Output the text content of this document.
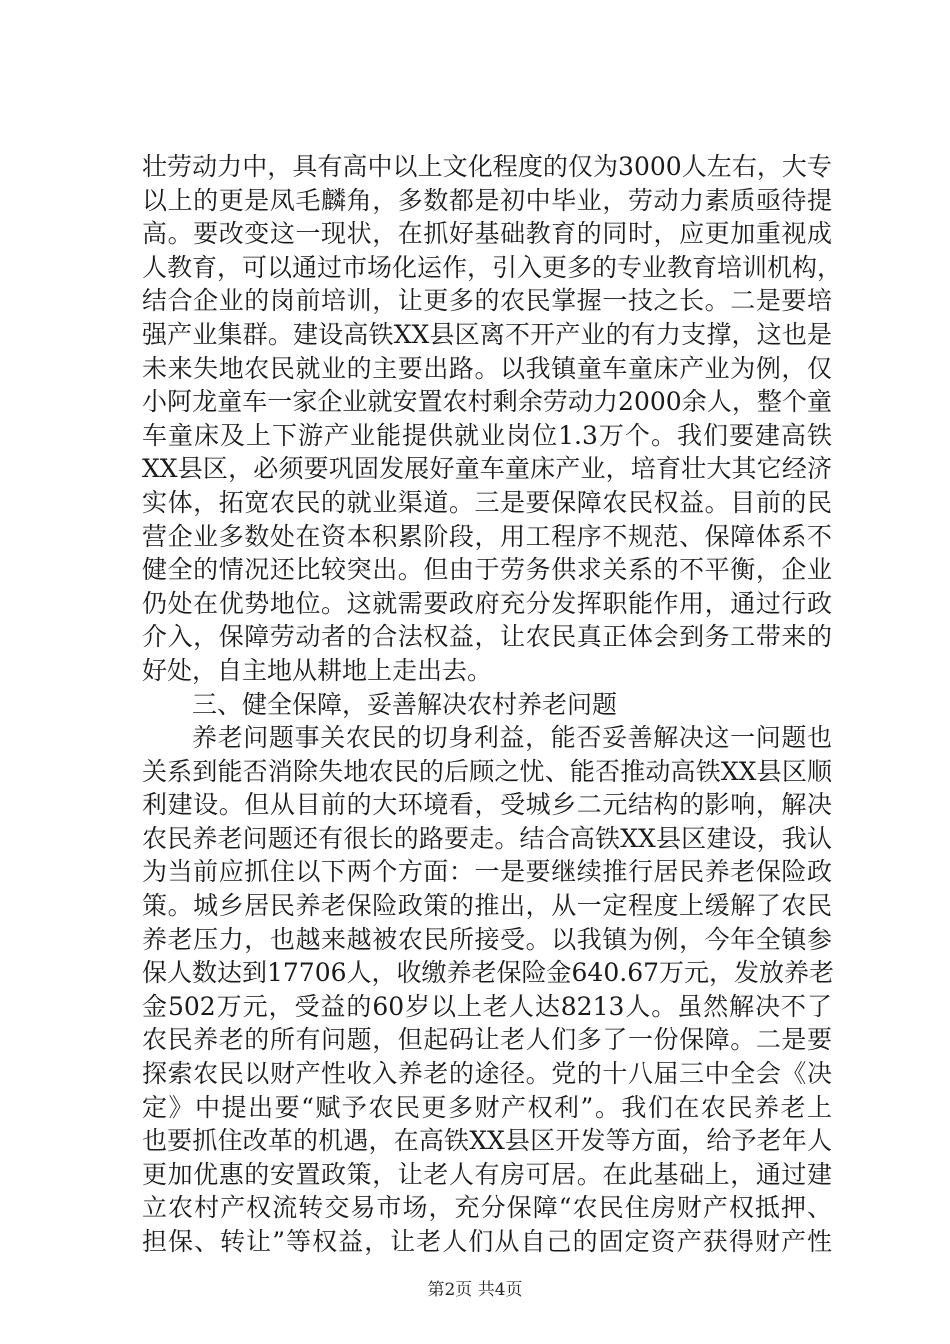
壮劳动力中，具有高中以上文化程度的仅为3000人左右，大专
以上的更是凤毛麟角，多数都是初中毕业，劳动力素质亟待提
高。要改变这一现状，在抓好基础教育的同时，应更加重视成
人教育，可以通过市场化运作，引入更多的专业教育培训机构，
结合企业的岗前培训，让更多的农民掌握一技之长。二是要培
强产业集群。建设高铁XX县区离不开产业的有力支撑，这也是
未来失地农民就业的主要出路。以我镇童车童床产业为例，仅
小阿龙童车一家企业就安置农村剩余劳动力2000余人，整个童
车童床及上下游产业能提供就业岗位1.3万个。我们要建高铁
XX县区，必须要巩固发展好童车童床产业，培育壮大其它经济
实体，拓宽农民的就业渠道。三是要保障农民权益。目前的民
营企业多数处在资本积累阶段，用工程序不规范、保障体系不
健全的情况还比较突出。但由于劳务供求关系的不平衡，企业
仍处在优势地位。这就需要政府充分发挥职能作用，通过行政
介入，保障劳动者的合法权益，让农民真正体会到务工带来的
好处，自主地从耕地上走出去。
三、健全保障，妥善解决农村养老问题
养老问题事关农民的切身利益，能否妥善解决这一问题也
关系到能否消除失地农民的后顾之忧、能否推动高铁XX县区顺
利建设。但从目前的大环境看，受城乡二元结构的影响，解决
农民养老问题还有很长的路要走。结合高铁XX县区建设，我认
为当前应抓住以下两个方面：一是要继续推行居民养老保险政
策。城乡居民养老保险政策的推出，从一定程度上缓解了农民
养老压力，也越来越被农民所接受。以我镇为例，今年全镇参
保人数达到17706人，收缴养老保险金640.67万元，发放养老
金502万元，受益的60岁以上老人达8213人。虽然解决不了
农民养老的所有问题，但起码让老人们多了一份保障。二是要
探索农民以财产性收入养老的途径。党的十八届三中全会《决
定》中提出要“赋予农民更多财产权利”。我们在农民养老上
也要抓住改革的机遇，在高铁XX县区开发等方面，给予老年人
更加优惠的安置政策，让老人有房可居。在此基础上，通过建
立农村产权流转交易市场，充分保障“农民住房财产权抵押、
担保、转让”等权益，让老人们从自己的固定资产获得财产性
第2页 共4页
